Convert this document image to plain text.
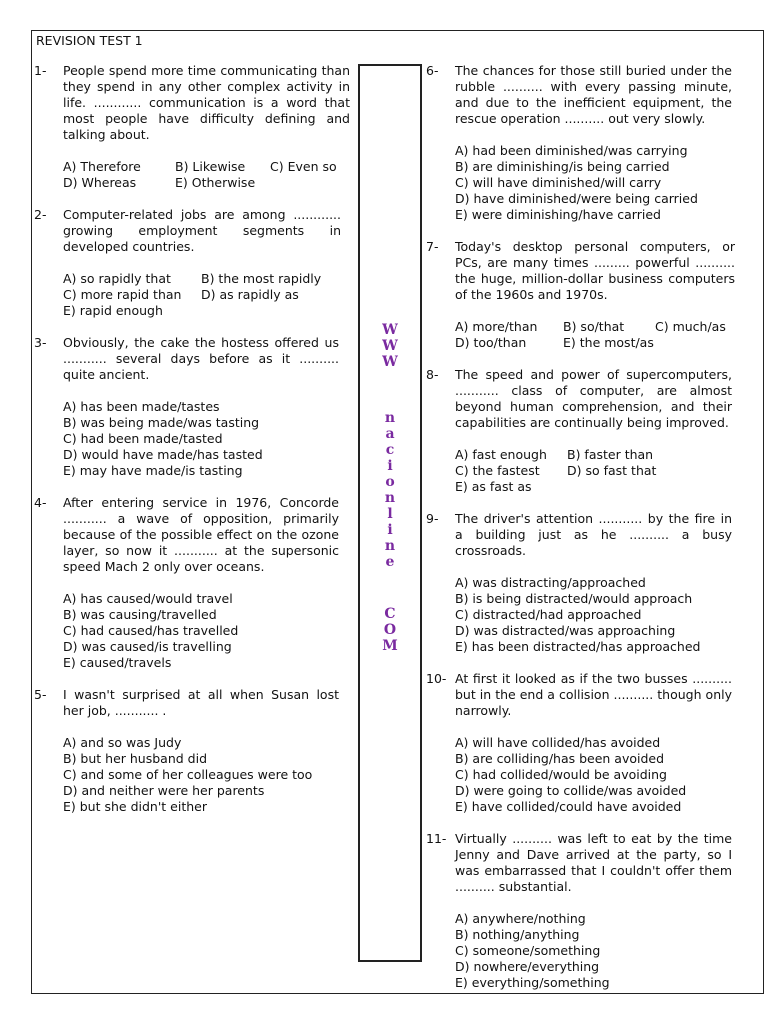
REVISION TEST 1
1-	People spend more time communicating than they spend in any other complex activity in life. ............ communication is a word that most people have difficulty defining and talking about.

A) Therefore	B) Likewise	C) Even so
D) Whereas	E) Otherwise
2-	Computer-related jobs are among ............ growing employment segments in developed countries.

A) so rapidly that	B) the most rapidly
C) more rapid than	D) as rapidly as
E) rapid enough
3-	Obviously, the cake the hostess offered us ........... several days before as it .......... quite ancient.

A) has been made/tastes
B) was being made/was tasting
C) had been made/tasted
D) would have made/has tasted
E) may have made/is tasting
4-	After entering service in 1976, Concorde ........... a wave of opposition, primarily because of the possible effect on the ozone layer, so now it ........... at the supersonic speed Mach 2 only over oceans.

A) has caused/would travel
B) was causing/travelled
C) had caused/has travelled
D) was caused/is travelling
E) caused/travels
5-	I wasn't surprised at all when Susan lost her job, ........... .

A) and so was Judy
B) but her husband did
C) and some of her colleagues were too
D) and neither were her parents
E) but she didn't either
W
W
W
n
a
c
i
o
n
l
i
n
e
C
O
M
6-	The chances for those still buried under the rubble .......... with every passing minute, and due to the inefficient equipment, the rescue operation .......... out very slowly.

A) had been diminished/was carrying
B) are diminishing/is being carried
C) will have diminished/will carry
D) have diminished/were being carried
E) were diminishing/have carried
7-	Today's desktop personal computers, or PCs, are many times ......... powerful .......... the huge, million-dollar business computers of the 1960s and 1970s.

A) more/than	B) so/that	C) much/as
D) too/than	E) the most/as
8-	The speed and power of supercomputers, ........... class of computer, are almost beyond human comprehension, and their capabilities are continually being improved.

A) fast enough	B) faster than
C) the fastest	D) so fast that
E) as fast as
9-	The driver's attention ........... by the fire in a building just as he .......... a busy crossroads.

A) was distracting/approached
B) is being distracted/would approach
C) distracted/had approached
D) was distracted/was approaching
E) has been distracted/has approached
10- At first it looked as if the two busses .......... but in the end a collision .......... though only narrowly.

A) will have collided/has avoided
B) are colliding/has been avoided
C) had collided/would be avoiding
D) were going to collide/was avoided
E) have collided/could have avoided
11- Virtually .......... was left to eat by the time Jenny and Dave arrived at the party, so I was embarrassed that I couldn't offer them .......... substantial.

A) anywhere/nothing
B) nothing/anything
C) someone/something
D) nowhere/everything
E) everything/something
